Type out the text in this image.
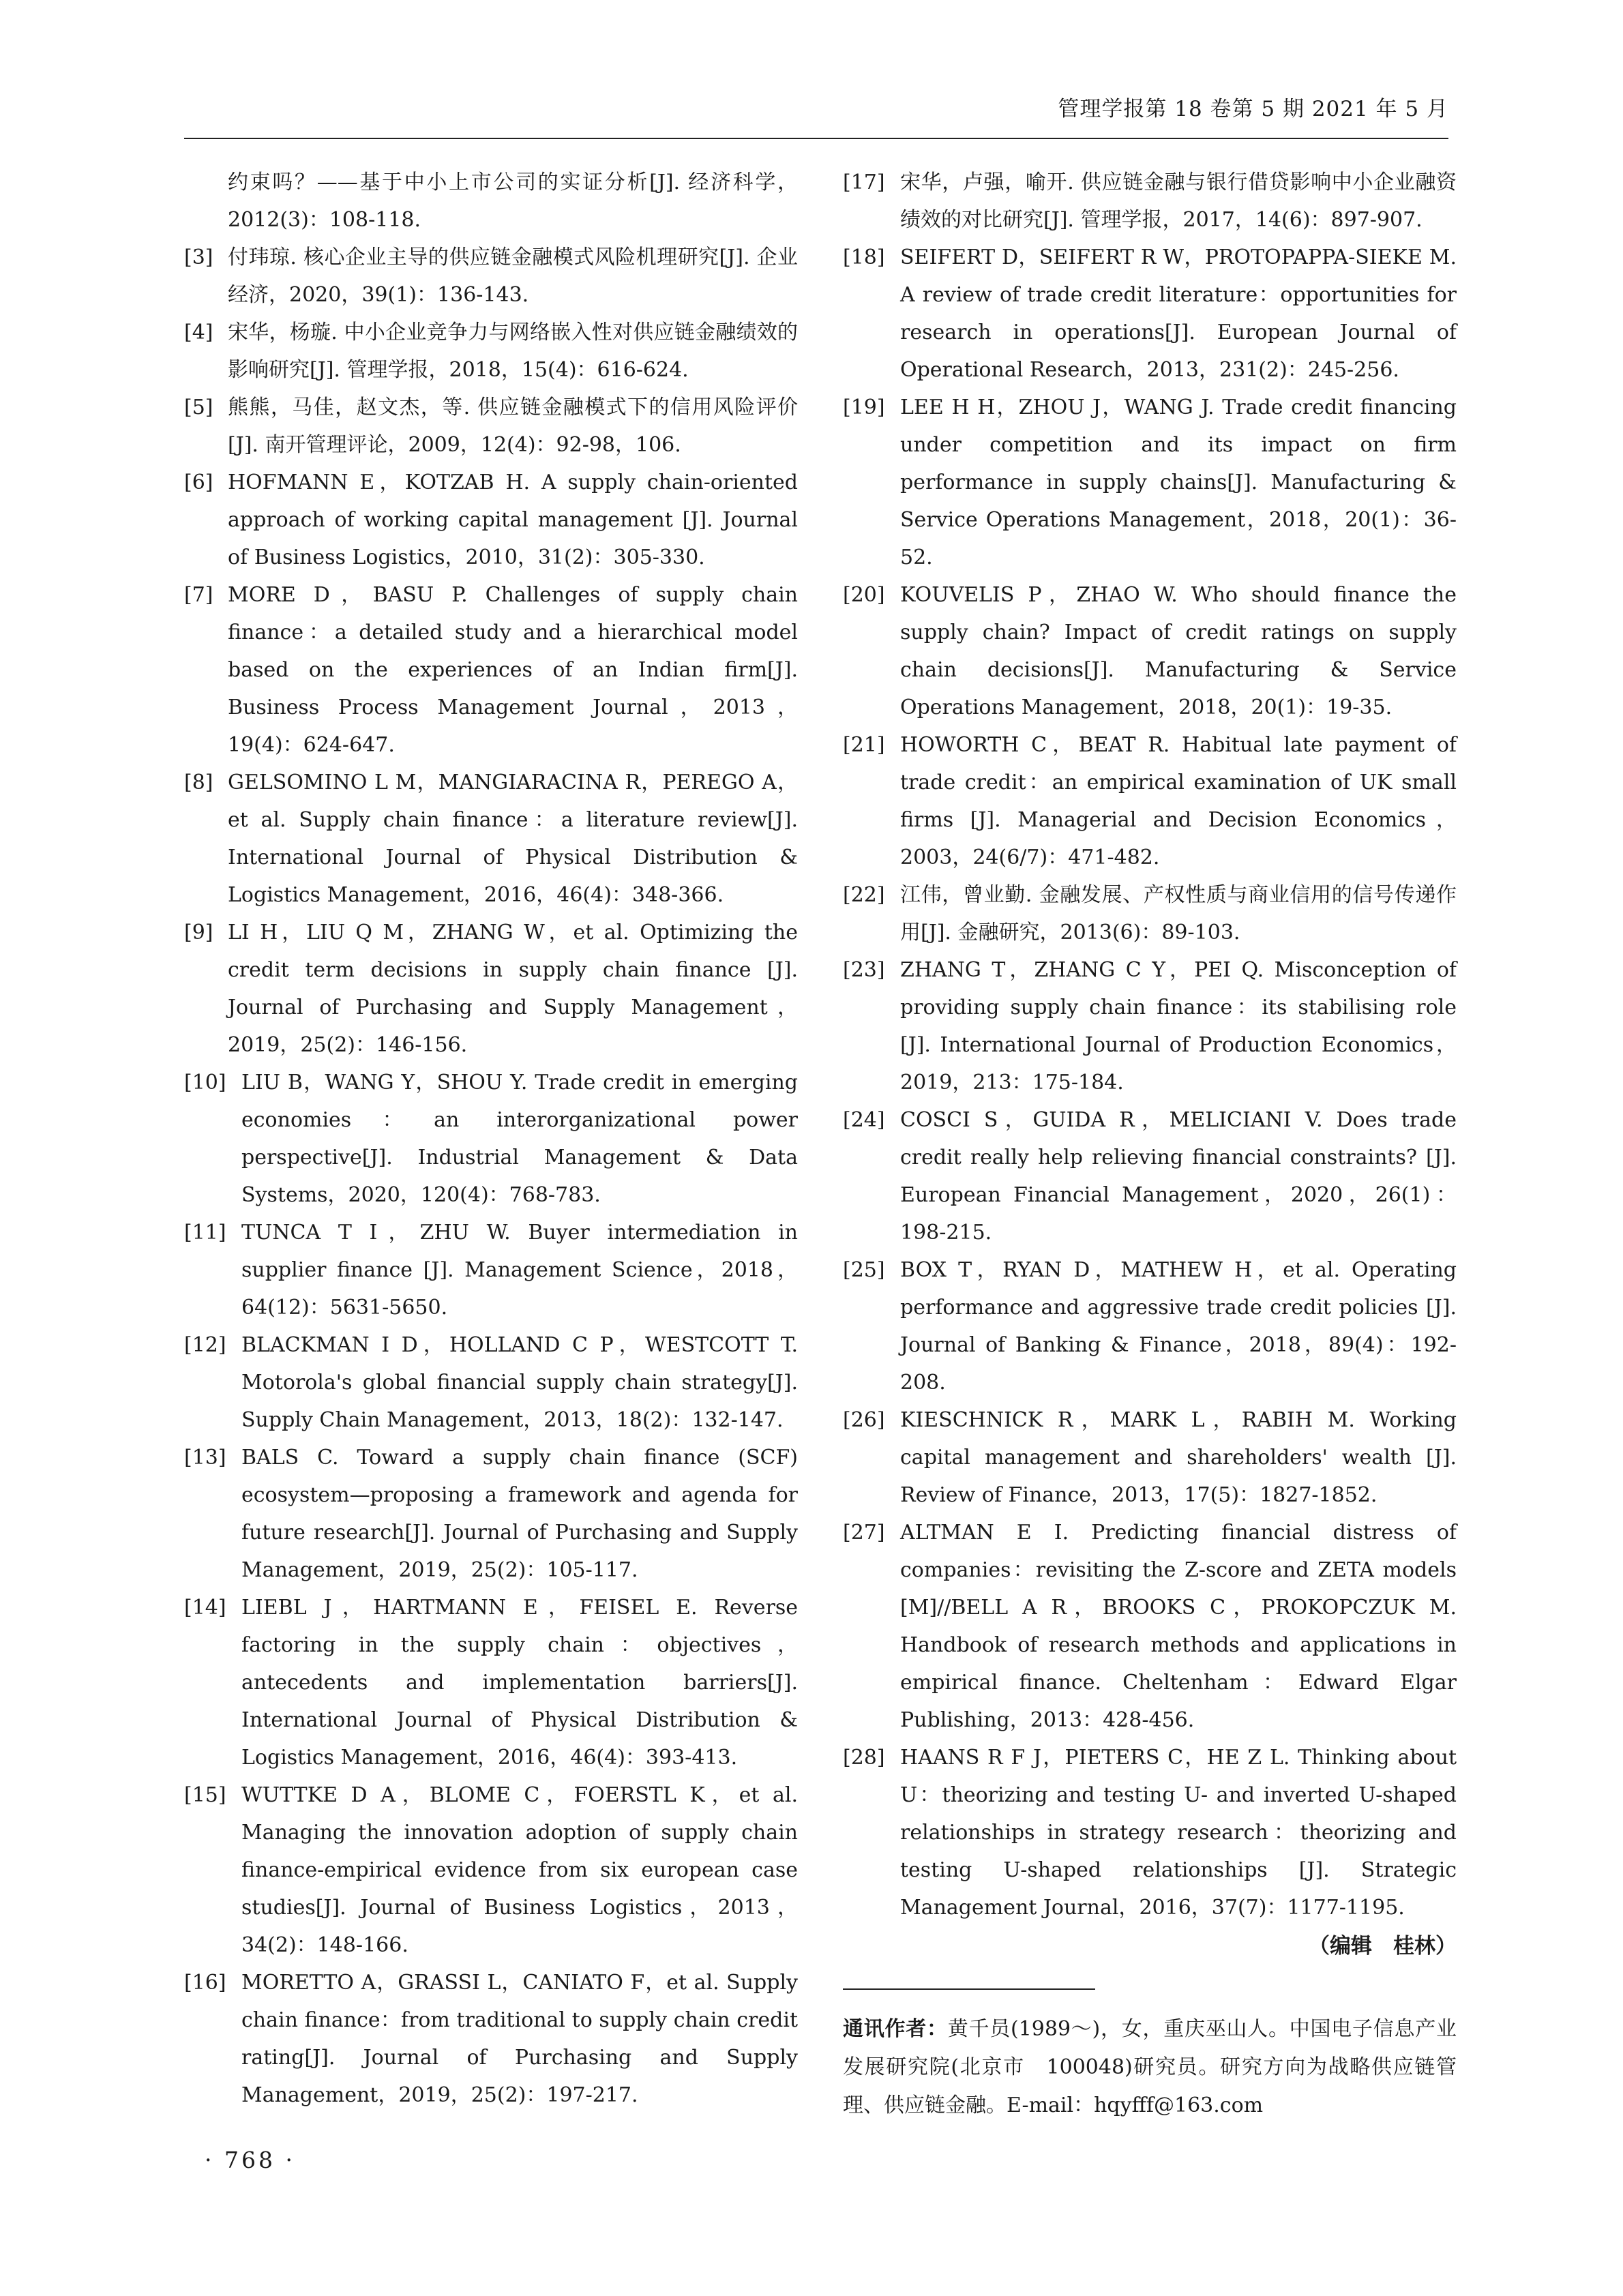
管理学报第 18 卷第 5 期 2021 年 5 月
约束吗？——基于中小上市公司的实证分析[J]. 经济科学，2012(3)：108-118.
[3] 付玮琼. 核心企业主导的供应链金融模式风险机理研究[J]. 企业经济，2020，39(1)：136-143.
[4] 宋华，杨璇. 中小企业竞争力与网络嵌入性对供应链金融绩效的影响研究[J]. 管理学报，2018，15(4)：616-624.
[5] 熊熊，马佳，赵文杰，等. 供应链金融模式下的信用风险评价[J]. 南开管理评论，2009，12(4)：92-98，106.
[6] HOFMANN E，KOTZAB H. A supply chain-oriented approach of working capital management [J]. Journal of Business Logistics，2010，31(2)：305-330.
[7] MORE D，BASU P. Challenges of supply chain finance：a detailed study and a hierarchical model based on the experiences of an Indian firm[J]. Business Process Management Journal，2013，19(4)：624-647.
[8] GELSOMINO L M，MANGIARACINA R，PEREGO A，et al. Supply chain finance：a literature review[J]. International Journal of Physical Distribution & Logistics Management，2016，46(4)：348-366.
[9] LI H，LIU Q M，ZHANG W，et al. Optimizing the credit term decisions in supply chain finance [J]. Journal of Purchasing and Supply Management，2019，25(2)：146-156.
[10] LIU B，WANG Y，SHOU Y. Trade credit in emerging economies：an interorganizational power perspective[J]. Industrial Management & Data Systems，2020，120(4)：768-783.
[11] TUNCA T I，ZHU W. Buyer intermediation in supplier finance [J]. Management Science，2018，64(12)：5631-5650.
[12] BLACKMAN I D，HOLLAND C P，WESTCOTT T. Motorola's global financial supply chain strategy[J]. Supply Chain Management，2013，18(2)：132-147.
[13] BALS C. Toward a supply chain finance (SCF) ecosystem—proposing a framework and agenda for future research[J]. Journal of Purchasing and Supply Management，2019，25(2)：105-117.
[14] LIEBL J，HARTMANN E，FEISEL E. Reverse factoring in the supply chain：objectives，antecedents and implementation barriers[J]. International Journal of Physical Distribution & Logistics Management，2016，46(4)：393-413.
[15] WUTTKE D A，BLOME C，FOERSTL K，et al. Managing the innovation adoption of supply chain finance-empirical evidence from six european case studies[J]. Journal of Business Logistics，2013，34(2)：148-166.
[16] MORETTO A，GRASSI L，CANIATO F，et al. Supply chain finance：from traditional to supply chain credit rating[J]. Journal of Purchasing and Supply Management，2019，25(2)：197-217.
[17] 宋华，卢强，喻开. 供应链金融与银行借贷影响中小企业融资绩效的对比研究[J]. 管理学报，2017，14(6)：897-907.
[18] SEIFERT D，SEIFERT R W，PROTOPAPPA-SIEKE M. A review of trade credit literature：opportunities for research in operations[J]. European Journal of Operational Research，2013，231(2)：245-256.
[19] LEE H H，ZHOU J，WANG J. Trade credit financing under competition and its impact on firm performance in supply chains[J]. Manufacturing & Service Operations Management，2018，20(1)：36-52.
[20] KOUVELIS P，ZHAO W. Who should finance the supply chain? Impact of credit ratings on supply chain decisions[J]. Manufacturing & Service Operations Management，2018，20(1)：19-35.
[21] HOWORTH C，BEAT R. Habitual late payment of trade credit：an empirical examination of UK small firms [J]. Managerial and Decision Economics，2003，24(6/7)：471-482.
[22] 江伟，曾业勤. 金融发展、产权性质与商业信用的信号传递作用[J]. 金融研究，2013(6)：89-103.
[23] ZHANG T，ZHANG C Y，PEI Q. Misconception of providing supply chain finance：its stabilising role [J]. International Journal of Production Economics，2019，213：175-184.
[24] COSCI S，GUIDA R，MELICIANI V. Does trade credit really help relieving financial constraints? [J]. European Financial Management，2020，26(1)：198-215.
[25] BOX T，RYAN D，MATHEW H，et al. Operating performance and aggressive trade credit policies [J]. Journal of Banking & Finance，2018，89(4)：192-208.
[26] KIESCHNICK R，MARK L，RABIH M. Working capital management and shareholders' wealth [J]. Review of Finance，2013，17(5)：1827-1852.
[27] ALTMAN E I. Predicting financial distress of companies：revisiting the Z-score and ZETA models [M]//BELL A R，BROOKS C，PROKOPCZUK M. Handbook of research methods and applications in empirical finance. Cheltenham：Edward Elgar Publishing，2013：428-456.
[28] HAANS R F J，PIETERS C，HE Z L. Thinking about U：theorizing and testing U- and inverted U-shaped relationships in strategy research：theorizing and testing U-shaped relationships [J]. Strategic Management Journal，2016，37(7)：1177-1195.
（编辑　桂林）
通讯作者：黄千员(1989～)，女，重庆巫山人。中国电子信息产业发展研究院(北京市　100048)研究员。研究方向为战略供应链管理、供应链金融。E-mail：hqyfff@163.com
· 768 ·
